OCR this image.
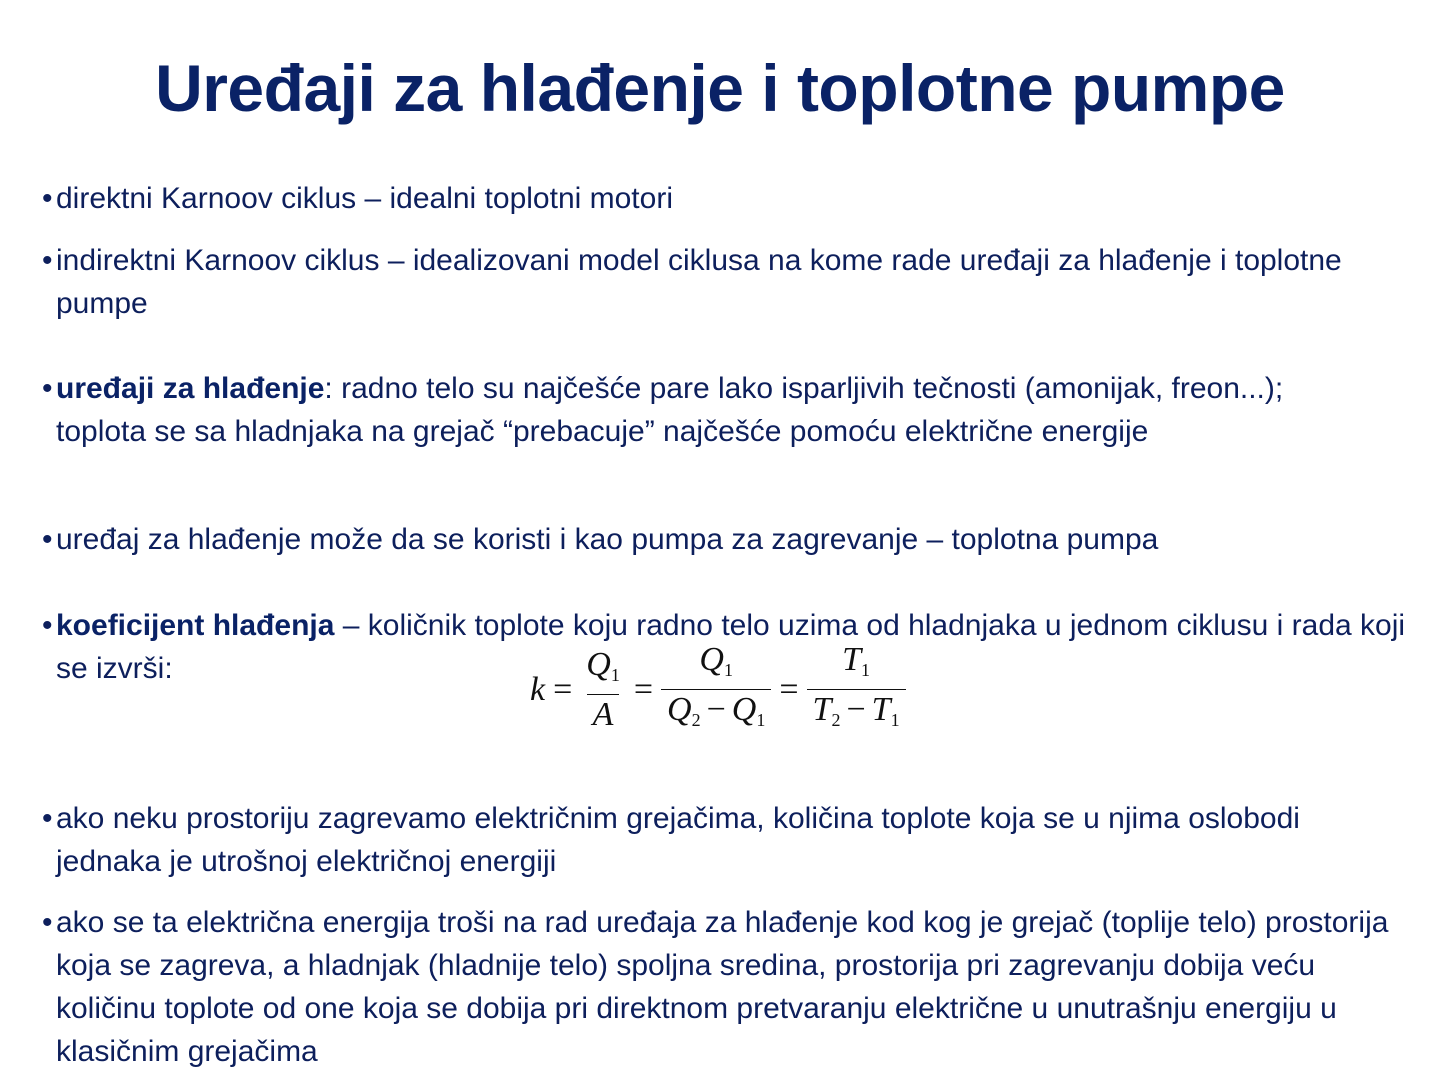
Uređaji za hlađenje i toplotne pumpe
• direktni Karnoov ciklus – idealni toplotni motori
• indirektni Karnoov ciklus – idealizovani model ciklusa na kome rade uređaji za hlađenje i toplotne pumpe
• uređaji za hlađenje: radno telo su najčešće pare lako isparljivih tečnosti (amonijak, freon...); toplota se sa hladnjaka na grejač “prebacuje” najčešće pomoću električne energije
• uređaj za hlađenje može da se koristi i kao pumpa za zagrevanje – toplotna pumpa
• koeficijent hlađenja – količnik toplote koju radno telo uzima od hladnjaka u jednom ciklusu i rada koji se izvrši:
$k = \frac{Q_1}{A} = \frac{Q_1}{Q_2 - Q_1} = \frac{T_1}{T_2 - T_1}$
• ako neku prostoriju zagrevamo električnim grejačima, količina toplote koja se u njima oslobodi jednaka je utrošnoj električnoj energiji
• ako se ta električna energija troši na rad uređaja za hlađenje kod kog je grejač (toplije telo) prostorija koja se zagreva, a hladnjak (hladnije telo) spoljna sredina, prostorija pri zagrevanju dobija veću količinu toplote od one koja se dobija pri direktnom pretvaranju električne u unutrašnju energiju u klasičnim grejačima
